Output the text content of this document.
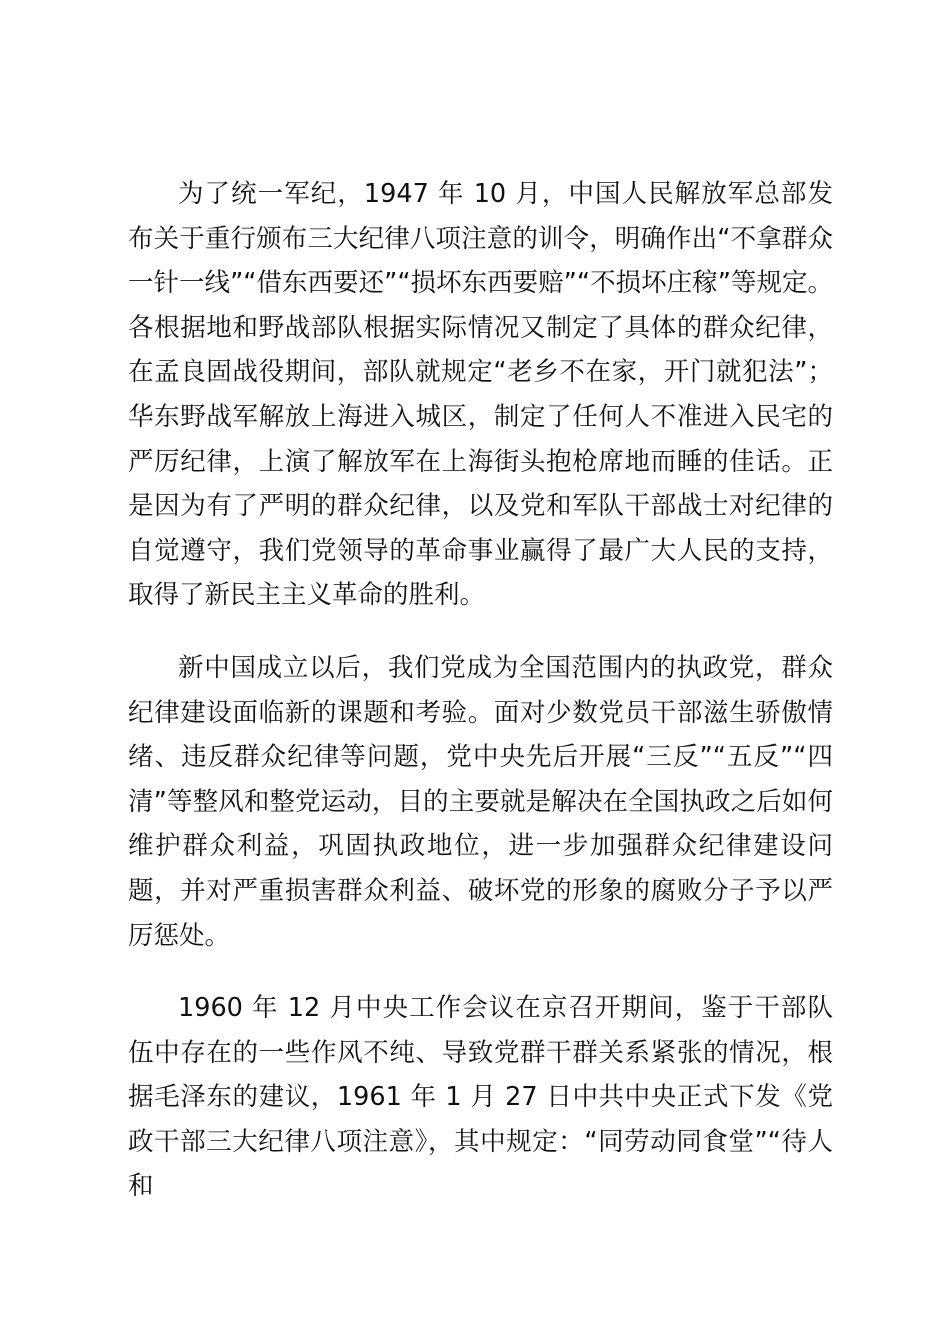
为了统一军纪，1947 年 10 月，中国人民解放军总部发布关于重行颁布三大纪律八项注意的训令，明确作出“不拿群众一针一线”“借东西要还”“损坏东西要赔”“不损坏庄稼”等规定。各根据地和野战部队根据实际情况又制定了具体的群众纪律，在孟良固战役期间，部队就规定“老乡不在家，开门就犯法”；华东野战军解放上海进入城区，制定了任何人不准进入民宅的严厉纪律，上演了解放军在上海街头抱枪席地而睡的佳话。正是因为有了严明的群众纪律，以及党和军队干部战士对纪律的自觉遵守，我们党领导的革命事业赢得了最广大人民的支持，取得了新民主主义革命的胜利。

新中国成立以后，我们党成为全国范围内的执政党，群众纪律建设面临新的课题和考验。面对少数党员干部滋生骄傲情绪、违反群众纪律等问题，党中央先后开展“三反”“五反”“四清”等整风和整党运动，目的主要就是解决在全国执政之后如何维护群众利益，巩固执政地位，进一步加强群众纪律建设问题，并对严重损害群众利益、破坏党的形象的腐败分子予以严厉惩处。

1960 年 12 月中央工作会议在京召开期间，鉴于干部队伍中存在的一些作风不纯、导致党群干群关系紧张的情况，根据毛泽东的建议，1961 年 1 月 27 日中共中央正式下发《党政干部三大纪律八项注意》，其中规定：“同劳动同食堂”“待人和
